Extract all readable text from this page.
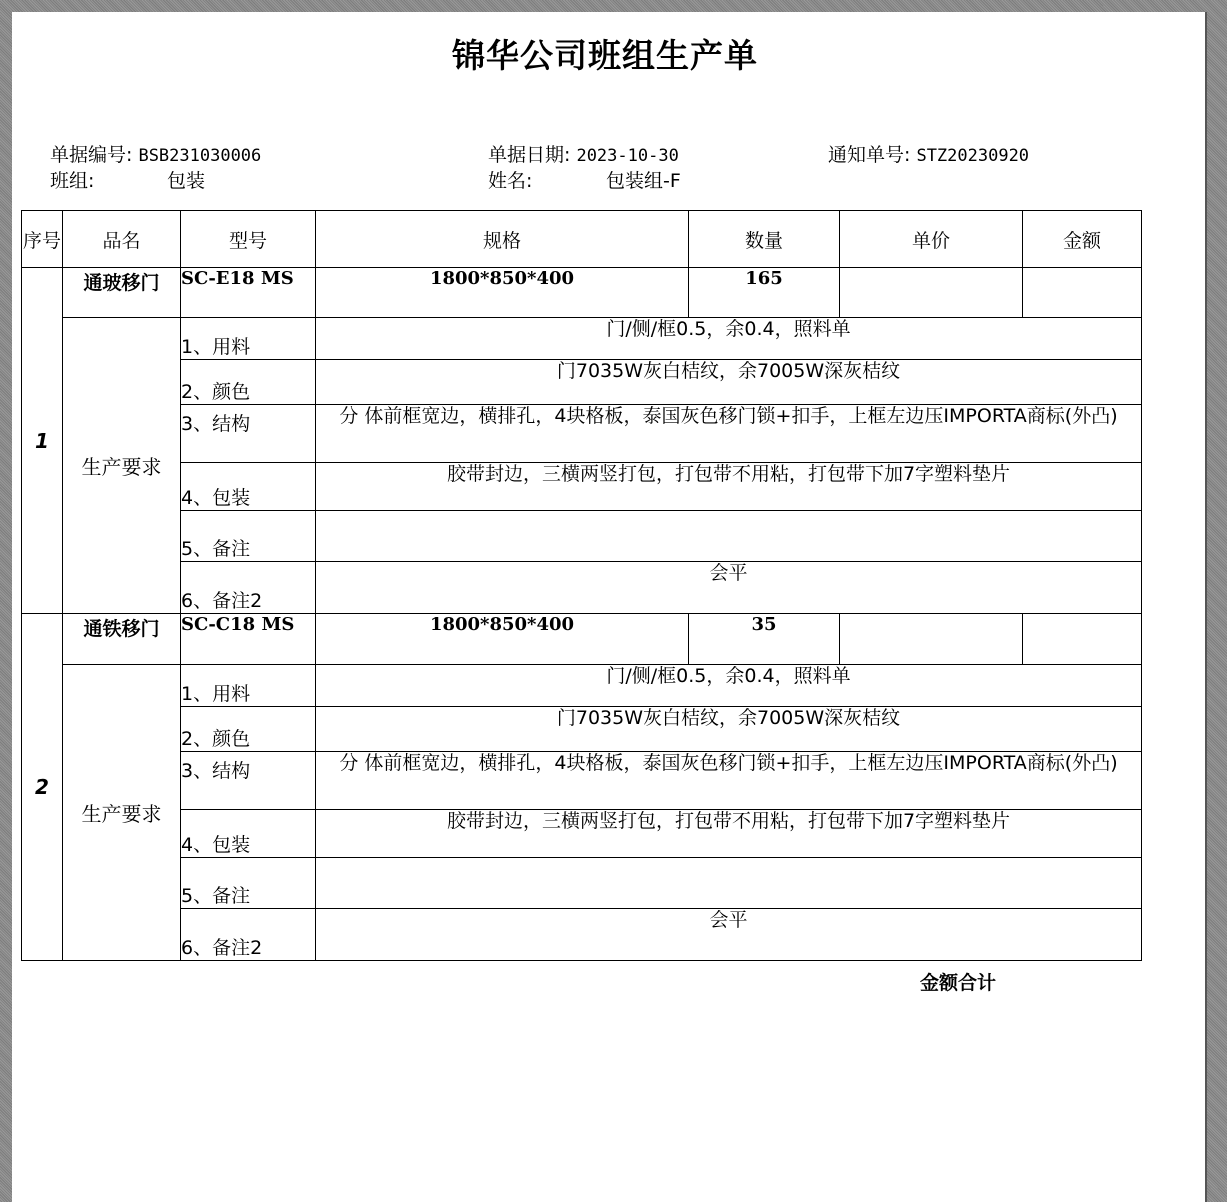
锦华公司班组生产单
单据编号: BSB231030006	单据日期: 2023-10-30	通知单号: STZ20230920
班组:	包装	姓名:	包装组-F
序号	品名	型号	规格	数量	单价	金额
1	通玻移门	SC-E18 MS	1800*850*400	165		
	生产要求	1、用料	门/侧/框0.5，余0.4，照料单			
		2、颜色	门7035W灰白桔纹，余7005W深灰桔纹			
		3、结构	分 体前框宽边，横排孔，4块格板，泰国灰色移门锁+扣手，上框左边压IMPORTA商标(外凸)			
		4、包装	胶带封边，三横两竖打包，打包带不用粘，打包带下加7字塑料垫片			
		5、备注				
		6、备注2	会平			
2	通铁移门	SC-C18 MS	1800*850*400	35		
	生产要求	1、用料	门/侧/框0.5，余0.4，照料单			
		2、颜色	门7035W灰白桔纹，余7005W深灰桔纹			
		3、结构	分 体前框宽边，横排孔，4块格板，泰国灰色移门锁+扣手，上框左边压IMPORTA商标(外凸)			
		4、包装	胶带封边，三横两竖打包，打包带不用粘，打包带下加7字塑料垫片			
		5、备注				
		6、备注2	会平			
金额合计
